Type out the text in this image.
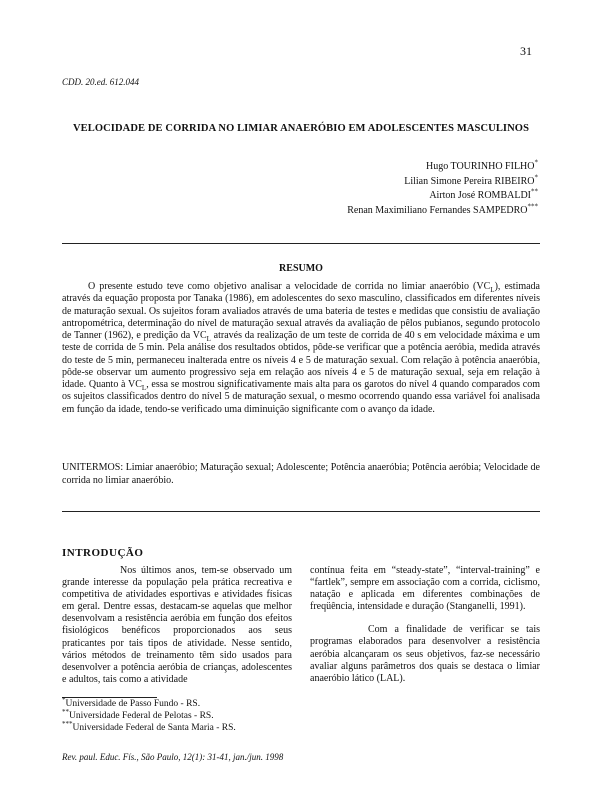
31
CDD. 20.ed. 612.044
VELOCIDADE DE CORRIDA NO LIMIAR ANAERÓBIO EM ADOLESCENTES MASCULINOS
Hugo TOURINHO FILHO*
Lilian Simone Pereira RIBEIRO*
Airton José ROMBALDI**
Renan Maximiliano Fernandes SAMPEDRO***
RESUMO
O presente estudo teve como objetivo analisar a velocidade de corrida no limiar anaeróbio $(VC_L)$, estimada através da equação proposta por Tanaka (1986), em adolescentes do sexo masculino, classificados em diferentes níveis de maturação sexual. Os sujeitos foram avaliados através de uma bateria de testes e medidas que consistiu de avaliação antropométrica, determinação do nível de maturação sexual através da avaliação de pêlos pubianos, segundo protocolo de Tanner (1962), e predição da $VC_L$ através da realização de um teste de corrida de 40 s em velocidade máxima e um teste de corrida de 5 min. Pela análise dos resultados obtidos, pôde-se verificar que a potência aeróbia, medida através do teste de 5 min, permaneceu inalterada entre os níveis 4 e 5 de maturação sexual. Com relação à potência anaeróbia, pôde-se observar um aumento progressivo seja em relação aos níveis 4 e 5 de maturação sexual, seja em relação à idade. Quanto à $VC_L$, essa se mostrou significativamente mais alta para os garotos do nível 4 quando comparados com os sujeitos classificados dentro do nível 5 de maturação sexual, o mesmo ocorrendo quando essa variável foi analisada em função da idade, tendo-se verificado uma diminuição significante com o avanço da idade.
UNITERMOS: Limiar anaeróbio; Maturação sexual; Adolescente; Potência anaeróbia; Potência aeróbia; Velocidade de corrida no limiar anaeróbio.
INTRODUÇÃO

Nos últimos anos, tem-se observado um grande interesse da população pela prática recreativa e competitiva de atividades esportivas e atividades físicas em geral. Dentre essas, destacam-se aquelas que melhor desenvolvam a resistência aeróbia em função dos efeitos fisiológicos benéficos proporcionados aos seus praticantes por tais tipos de atividade. Nesse sentido, vários métodos de treinamento têm sido usados para desenvolver a potência aeróbia de crianças, adolescentes e adultos, tais como a atividade

contínua feita em “steady-state”, “interval-training” e “fartlek”, sempre em associação com a corrida, ciclismo, natação e aplicada em diferentes combinações de freqüência, intensidade e duração (Stanganelli, 1991).

Com a finalidade de verificar se tais programas elaborados para desenvolver a resistência aeróbia alcançaram os seus objetivos, faz-se necessário avaliar alguns parâmetros dos quais se destaca o limiar anaeróbio lático (LAL).

*Universidade de Passo Fundo - RS.
**Universidade Federal de Pelotas - RS.
***Universidade Federal de Santa Maria - RS.
Rev. paul. Educ. Fís., São Paulo, 12(1): 31-41, jan./jun. 1998
